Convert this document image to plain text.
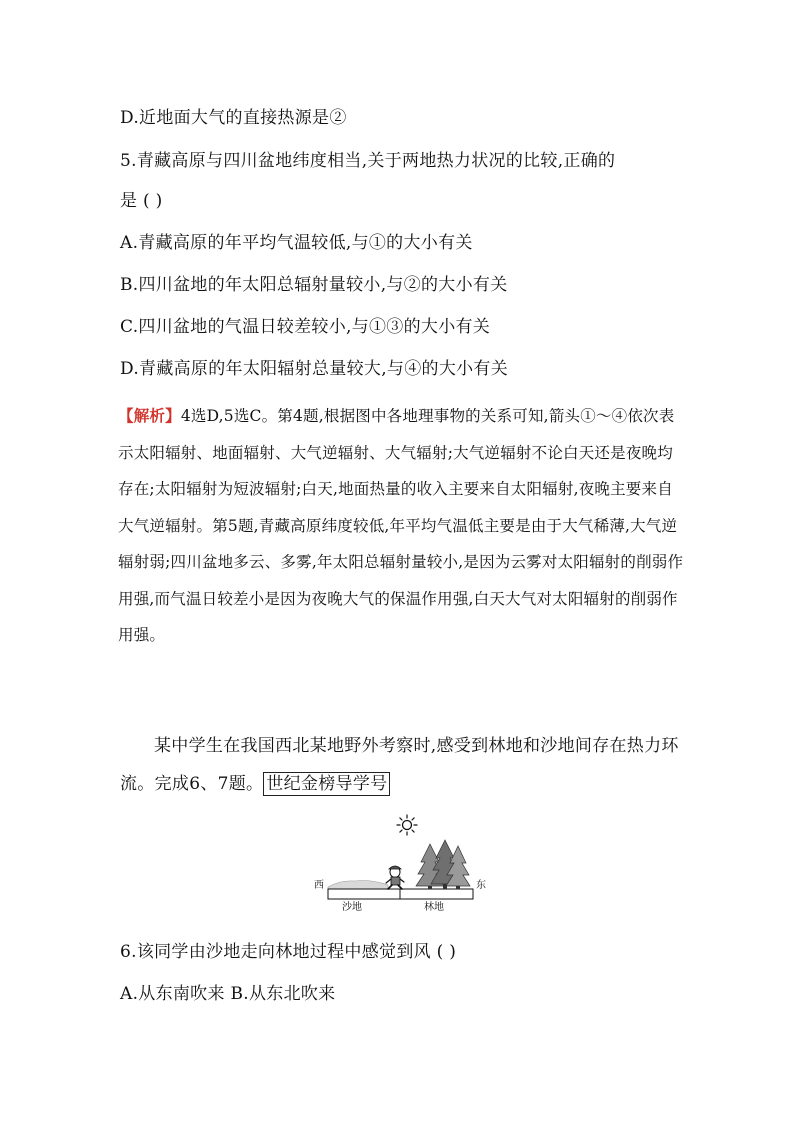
D.近地面大气的直接热源是②
5.青藏高原与四川盆地纬度相当,关于两地热力状况的比较,正确的
是 ( )
A.青藏高原的年平均气温较低,与①的大小有关
B.四川盆地的年太阳总辐射量较小,与②的大小有关
C.四川盆地的气温日较差较小,与①③的大小有关
D.青藏高原的年太阳辐射总量较大,与④的大小有关
【解析】4选D,5选C。第4题,根据图中各地理事物的关系可知,箭头①～④依次表示太阳辐射、地面辐射、大气逆辐射、大气辐射;大气逆辐射不论白天还是夜晚均存在;太阳辐射为短波辐射;白天,地面热量的收入主要来自太阳辐射,夜晚主要来自大气逆辐射。第5题,青藏高原纬度较低,年平均气温低主要是由于大气稀薄,大气逆辐射弱;四川盆地多云、多雾,年太阳总辐射量较小,是因为云雾对太阳辐射的削弱作用强,而气温日较差小是因为夜晚大气的保温作用强,白天大气对太阳辐射的削弱作用强。
某中学生在我国西北某地野外考察时,感受到林地和沙地间存在热力环流。完成6、7题。 世纪金榜导学号
西	东
沙地	林地
6.该同学由沙地走向林地过程中感觉到风 ( )
A.从东南吹来 B.从东北吹来
